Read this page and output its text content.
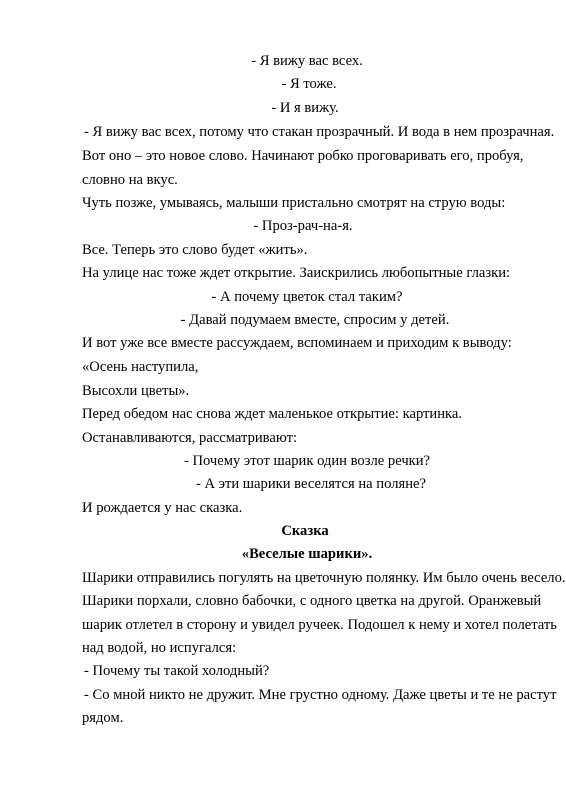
- Я вижу вас всех.
- Я тоже.
- И я вижу.
- Я вижу вас всех, потому что стакан прозрачный. И вода в нем прозрачная.
Вот оно – это новое слово. Начинают робко проговаривать его, пробуя,
словно на вкус.
Чуть позже, умываясь, малыши пристально смотрят на струю воды:
- Проз-рач-на-я.
Все. Теперь это слово будет «жить».
На улице нас тоже ждет открытие. Заискрились любопытные глазки:
- А почему цветок стал таким?
- Давай подумаем вместе, спросим у детей.
И вот уже все вместе рассуждаем, вспоминаем и приходим к выводу:
«Осень наступила,
Высохли цветы».
Перед обедом нас снова ждет маленькое открытие: картинка.
Останавливаются, рассматривают:
- Почему этот шарик один возле речки?
- А эти шарики веселятся на поляне?
И рождается у нас сказка.
Сказка
«Веселые шарики».
Шарики отправились погулять на цветочную полянку. Им было очень весело.
Шарики порхали, словно бабочки, с одного цветка на другой. Оранжевый
шарик отлетел в сторону и увидел ручеек. Подошел к нему и хотел полетать
над водой, но испугался:
- Почему ты такой холодный?
- Со мной никто не дружит. Мне грустно одному. Даже цветы и те не растут
рядом.
